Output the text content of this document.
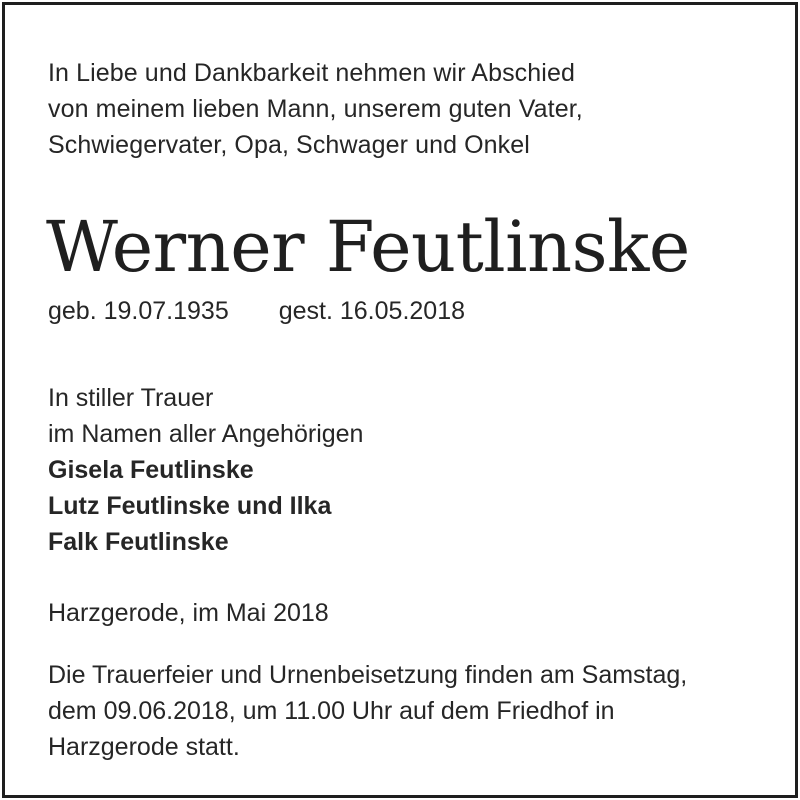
In Liebe und Dankbarkeit nehmen wir Abschied
von meinem lieben Mann, unserem guten Vater,
Schwiegervater, Opa, Schwager und Onkel
Werner Feutlinske
geb. 19.07.1935 gest. 16.05.2018
In stiller Trauer
im Namen aller Angehörigen
Gisela Feutlinske
Lutz Feutlinske und Ilka
Falk Feutlinske
Harzgerode, im Mai 2018
Die Trauerfeier und Urnenbeisetzung finden am Samstag,
dem 09.06.2018, um 11.00 Uhr auf dem Friedhof in
Harzgerode statt.
